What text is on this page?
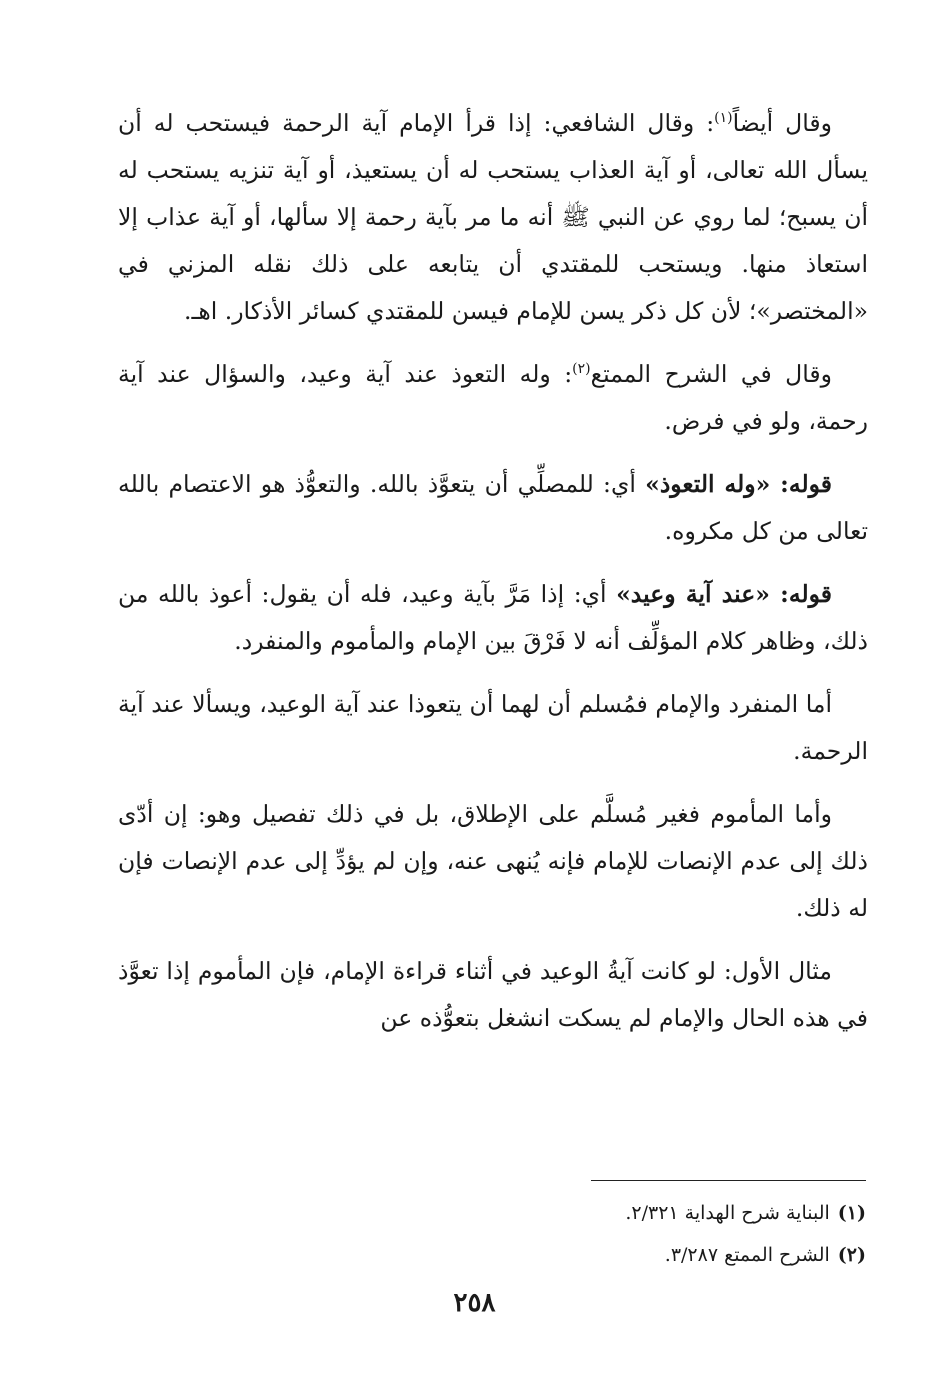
وقال أيضاً$^{(١)}$: وقال الشافعي: إذا قرأ الإمام آية الرحمة فيستحب له أن يسأل الله تعالى، أو آية العذاب يستحب له أن يستعيذ، أو آية تنزيه يستحب له أن يسبح؛ لما روي عن النبي ﷺ أنه ما مر بآية رحمة إلا سألها، أو آية عذاب إلا استعاذ منها. ويستحب للمقتدي أن يتابعه على ذلك نقله المزني في «المختصر»؛ لأن كل ذكر يسن للإمام فيسن للمقتدي كسائر الأذكار. اهـ.

وقال في الشرح الممتع$^{(٢)}$: وله التعوذ عند آية وعيد، والسؤال عند آية رحمة، ولو في فرض.

قوله: «وله التعوذ» أي: للمصلِّي أن يتعوَّذ بالله. والتعوُّذ هو الاعتصام بالله تعالى من كل مكروه.

قوله: «عند آية وعيد» أي: إذا مَرَّ بآية وعيد، فله أن يقول: أعوذ بالله من ذلك، وظاهر كلام المؤلِّف أنه لا فَرْقَ بين الإمام والمأموم والمنفرد.

أما المنفرد والإمام فمُسلم أن لهما أن يتعوذا عند آية الوعيد، ويسألا عند آية الرحمة.

وأما المأموم فغير مُسلَّم على الإطلاق، بل في ذلك تفصيل وهو: إن أدّى ذلك إلى عدم الإنصات للإمام فإنه يُنهى عنه، وإن لم يؤدِّ إلى عدم الإنصات فإن له ذلك.

مثال الأول: لو كانت آيةُ الوعيد في أثناء قراءة الإمام، فإن المأموم إذا تعوَّذ في هذه الحال والإمام لم يسكت انشغل بتعوُّذه عن

(١)البناية شرح الهداية ٢/٣٢١.

(٢)الشرح الممتع ٣/٢٨٧.

٢٥٨
